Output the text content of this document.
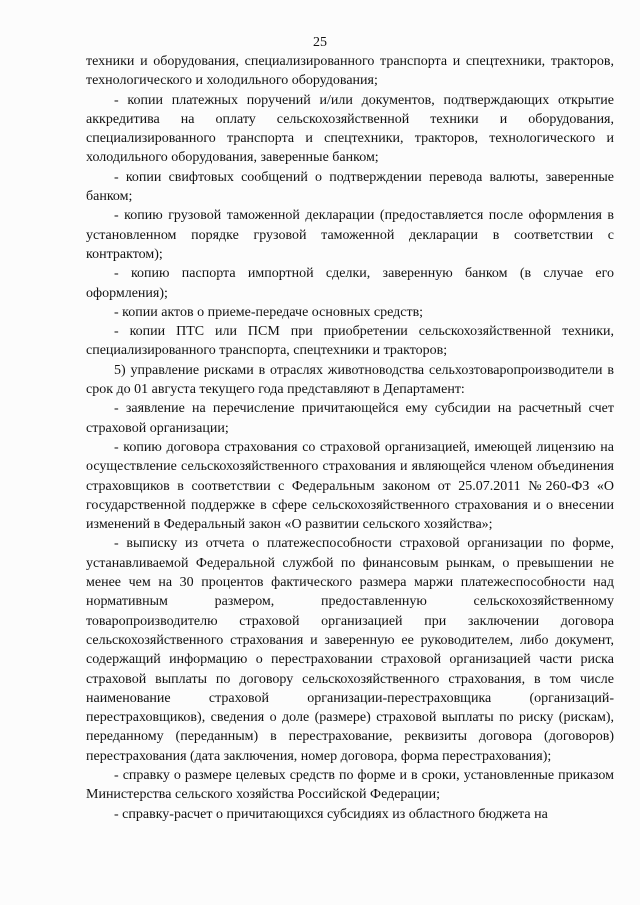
25

техники и оборудования, специализированного транспорта и спецтехники, тракторов, технологического и холодильного оборудования;

- копии платежных поручений и/или документов, подтверждающих открытие аккредитива на оплату сельскохозяйственной техники и оборудования, специализированного транспорта и спецтехники, тракторов, технологического и холодильного оборудования, заверенные банком;

- копии свифтовых сообщений о подтверждении перевода валюты, заверенные банком;

- копию грузовой таможенной декларации (предоставляется после оформления в установленном порядке грузовой таможенной декларации в соответствии с контрактом);

- копию паспорта импортной сделки, заверенную банком (в случае его оформления);

- копии актов о приеме-передаче основных средств;

- копии ПТС или ПСМ при приобретении сельскохозяйственной техники, специализированного транспорта, спецтехники и тракторов;

5) управление рисками в отраслях животноводства сельхозтоваропроизводители в срок до 01 августа текущего года представляют в Департамент:

- заявление на перечисление причитающейся ему субсидии на расчетный счет страховой организации;

- копию договора страхования со страховой организацией, имеющей лицензию на осуществление сельскохозяйственного страхования и являющейся членом объединения страховщиков в соответствии с Федеральным законом от 25.07.2011 №260-ФЗ «О государственной поддержке в сфере сельскохозяйственного страхования и о внесении изменений в Федеральный закон «О развитии сельского хозяйства»;

- выписку из отчета о платежеспособности страховой организации по форме, устанавливаемой Федеральной службой по финансовым рынкам, о превышении не менее чем на 30 процентов фактического размера маржи платежеспособности над нормативным размером, предоставленную сельскохозяйственному товаропроизводителю страховой организацией при заключении договора сельскохозяйственного страхования и заверенную ее руководителем, либо документ, содержащий информацию о перестраховании страховой организацией части риска страховой выплаты по договору сельскохозяйственного страхования, в том числе наименование страховой организации-перестраховщика (организаций-перестраховщиков), сведения о доле (размере) страховой выплаты по риску (рискам), переданному (переданным) в перестрахование, реквизиты договора (договоров) перестрахования (дата заключения, номер договора, форма перестрахования);

- справку о размере целевых средств по форме и в сроки, установленные приказом Министерства сельского хозяйства Российской Федерации;

- справку-расчет о причитающихся субсидиях из областного бюджета на
